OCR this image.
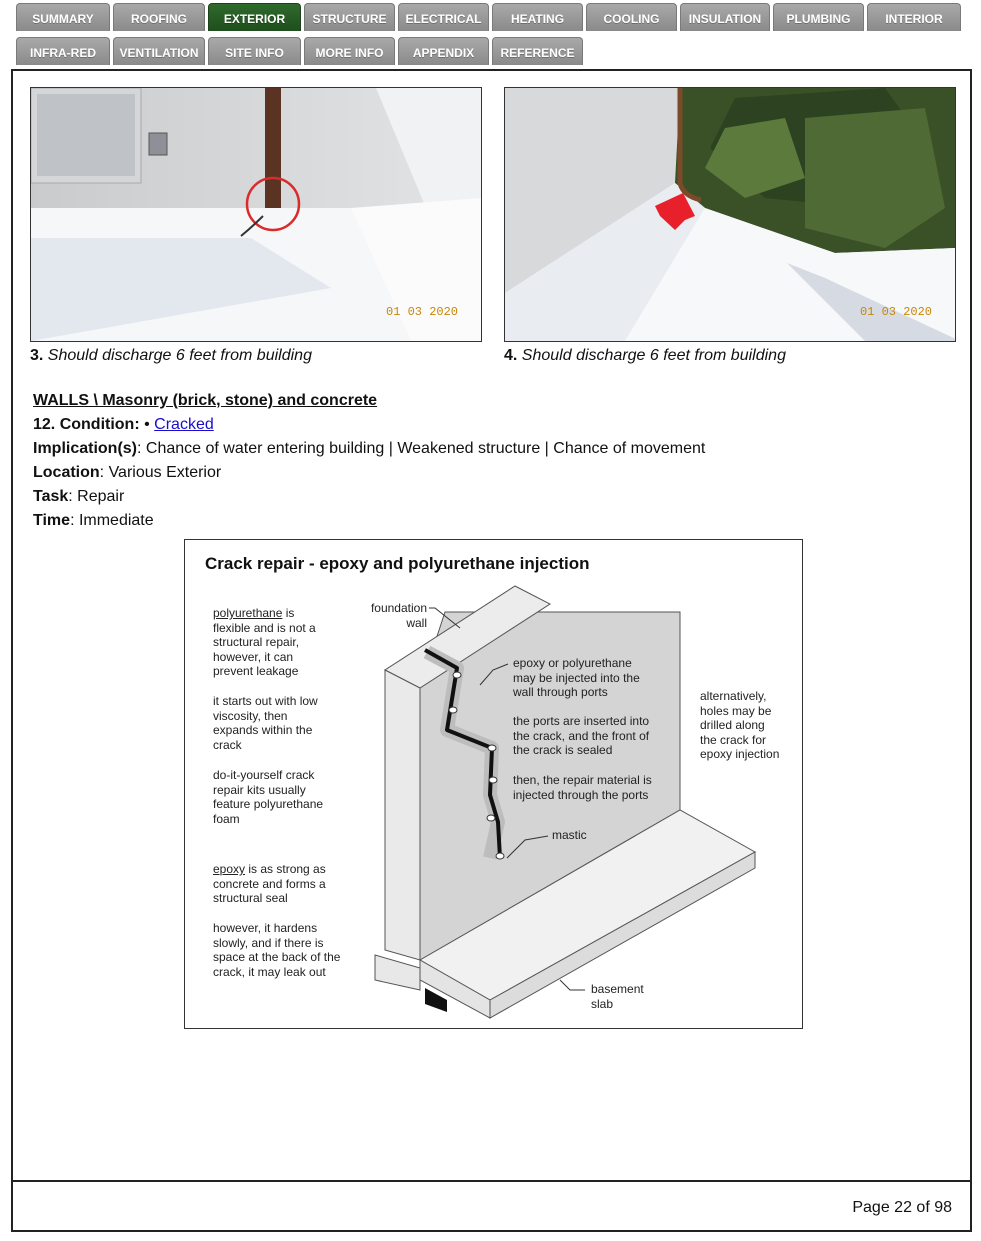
SUMMARY	ROOFING	EXTERIOR	STRUCTURE	ELECTRICAL	HEATING	COOLING	INSULATION	PLUMBING	INTERIOR
INFRA-RED	VENTILATION	SITE INFO	MORE INFO	APPENDIX	REFERENCE
01 03 2020	01 03 2020
3. Should discharge 6 feet from building	4. Should discharge 6 feet from building
WALLS \ Masonry (brick, stone) and concrete
12. Condition: • Cracked
Implication(s): Chance of water entering building | Weakened structure | Chance of movement
Location: Various Exterior
Task: Repair
Time: Immediate
Crack repair - epoxy and polyurethane injection
polyurethane is flexible and is not a structural repair, however, it can prevent leakage
it starts out with low viscosity, then expands within the crack
do-it-yourself crack repair kits usually feature polyurethane foam
epoxy is as strong as concrete and forms a structural seal
however, it hardens slowly, and if there is space at the back of the crack, it may leak out
foundation wall
epoxy or polyurethane may be injected into the wall through ports
the ports are inserted into the crack, and the front of the crack is sealed
then, the repair material is injected through the ports
mastic
alternatively, holes may be drilled along the crack for epoxy injection
basement slab
Page 22 of 98
